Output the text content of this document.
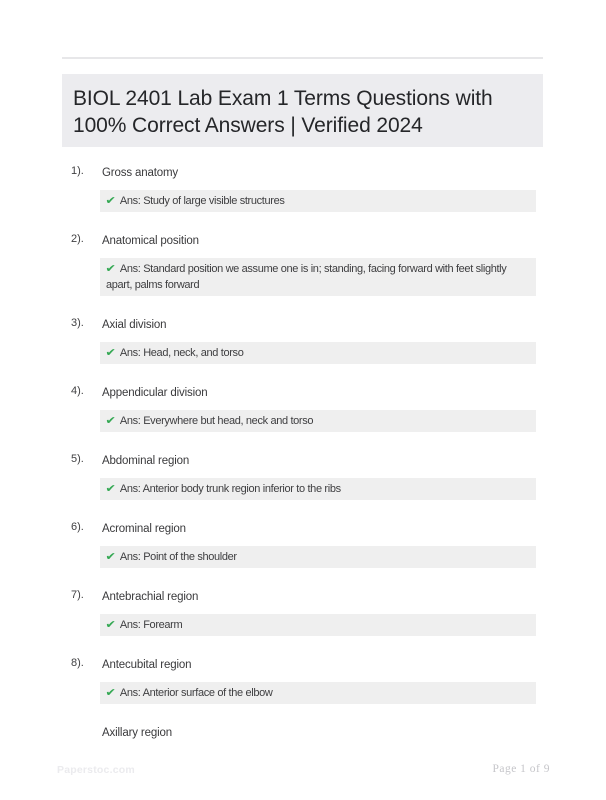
BIOL 2401 Lab Exam 1 Terms Questions with 100% Correct Answers | Verified 2024
1). Gross anatomy
✔ Ans: Study of large visible structures
2). Anatomical position
✔ Ans: Standard position we assume one is in; standing, facing forward with feet slightly apart, palms forward
3). Axial division
✔ Ans: Head, neck, and torso
4). Appendicular division
✔ Ans: Everywhere but head, neck and torso
5). Abdominal region
✔ Ans: Anterior body trunk region inferior to the ribs
6). Acrominal region
✔ Ans: Point of the shoulder
7). Antebrachial region
✔ Ans: Forearm
8). Antecubital region
✔ Ans: Anterior surface of the elbow
Axillary region
Paperstoc.com	Page 1 of 9
